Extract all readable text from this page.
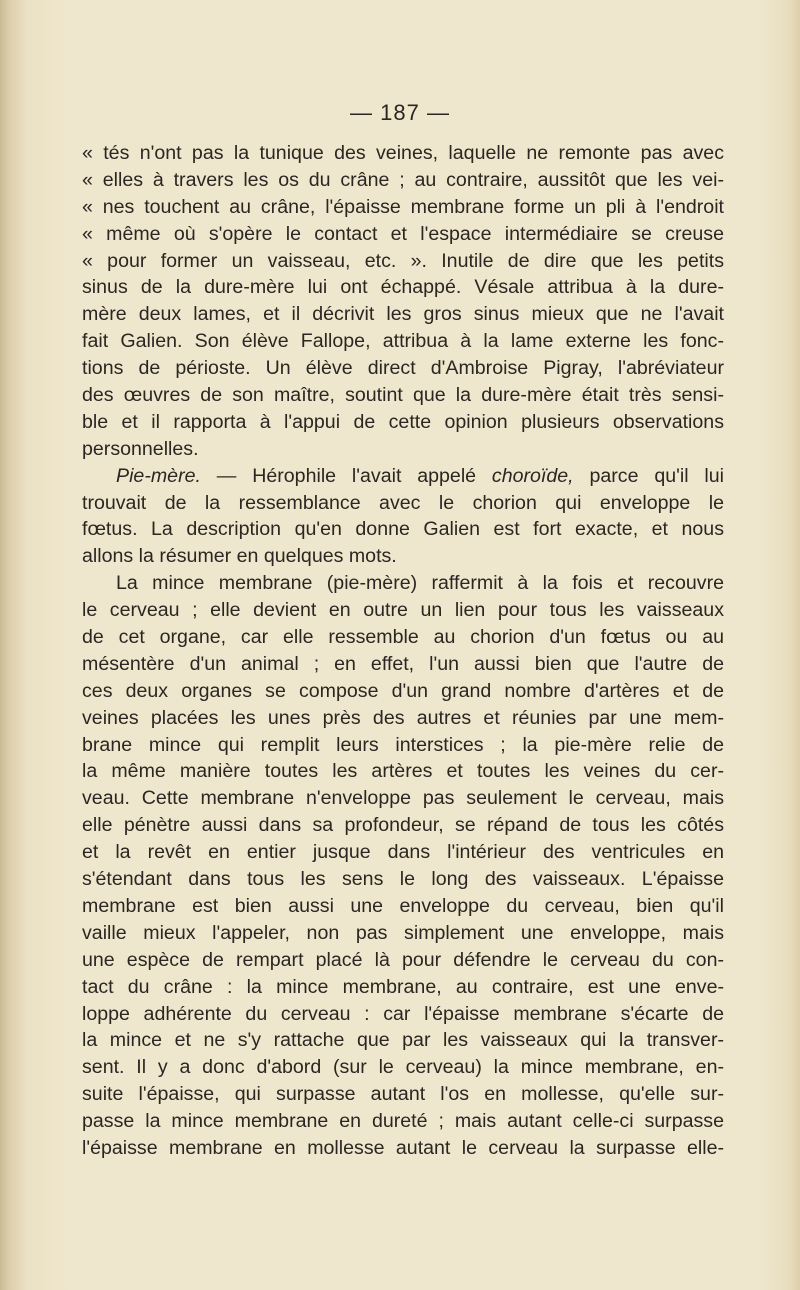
— 187 —
« tés n'ont pas la tunique des veines, laquelle ne remonte pas avec
« elles à travers les os du crâne ; au contraire, aussitôt que les vei-
« nes touchent au crâne, l'épaisse membrane forme un pli à l'endroit
« même où s'opère le contact et l'espace intermédiaire se creuse
« pour former un vaisseau, etc. ». Inutile de dire que les petits
sinus de la dure-mère lui ont échappé. Vésale attribua à la dure-
mère deux lames, et il décrivit les gros sinus mieux que ne l'avait
fait Galien. Son élève Fallope, attribua à la lame externe les fonc-
tions de périoste. Un élève direct d'Ambroise Pigray, l'abréviateur
des œuvres de son maître, soutint que la dure-mère était très sensi-
ble et il rapporta à l'appui de cette opinion plusieurs observations
personnelles.
Pie-mère. — Hérophile l'avait appelé choroïde, parce qu'il lui
trouvait de la ressemblance avec le chorion qui enveloppe le
fœtus. La description qu'en donne Galien est fort exacte, et nous
allons la résumer en quelques mots.
La mince membrane (pie-mère) raffermit à la fois et recouvre
le cerveau ; elle devient en outre un lien pour tous les vaisseaux
de cet organe, car elle ressemble au chorion d'un fœtus ou au
mésentère d'un animal ; en effet, l'un aussi bien que l'autre de
ces deux organes se compose d'un grand nombre d'artères et de
veines placées les unes près des autres et réunies par une mem-
brane mince qui remplit leurs interstices ; la pie-mère relie de
la même manière toutes les artères et toutes les veines du cer-
veau. Cette membrane n'enveloppe pas seulement le cerveau, mais
elle pénètre aussi dans sa profondeur, se répand de tous les côtés
et la revêt en entier jusque dans l'intérieur des ventricules en
s'étendant dans tous les sens le long des vaisseaux. L'épaisse
membrane est bien aussi une enveloppe du cerveau, bien qu'il
vaille mieux l'appeler, non pas simplement une enveloppe, mais
une espèce de rempart placé là pour défendre le cerveau du con-
tact du crâne : la mince membrane, au contraire, est une enve-
loppe adhérente du cerveau : car l'épaisse membrane s'écarte de
la mince et ne s'y rattache que par les vaisseaux qui la transver-
sent. Il y a donc d'abord (sur le cerveau) la mince membrane, en-
suite l'épaisse, qui surpasse autant l'os en mollesse, qu'elle sur-
passe la mince membrane en dureté ; mais autant celle-ci surpasse
l'épaisse membrane en mollesse autant le cerveau la surpasse elle-
